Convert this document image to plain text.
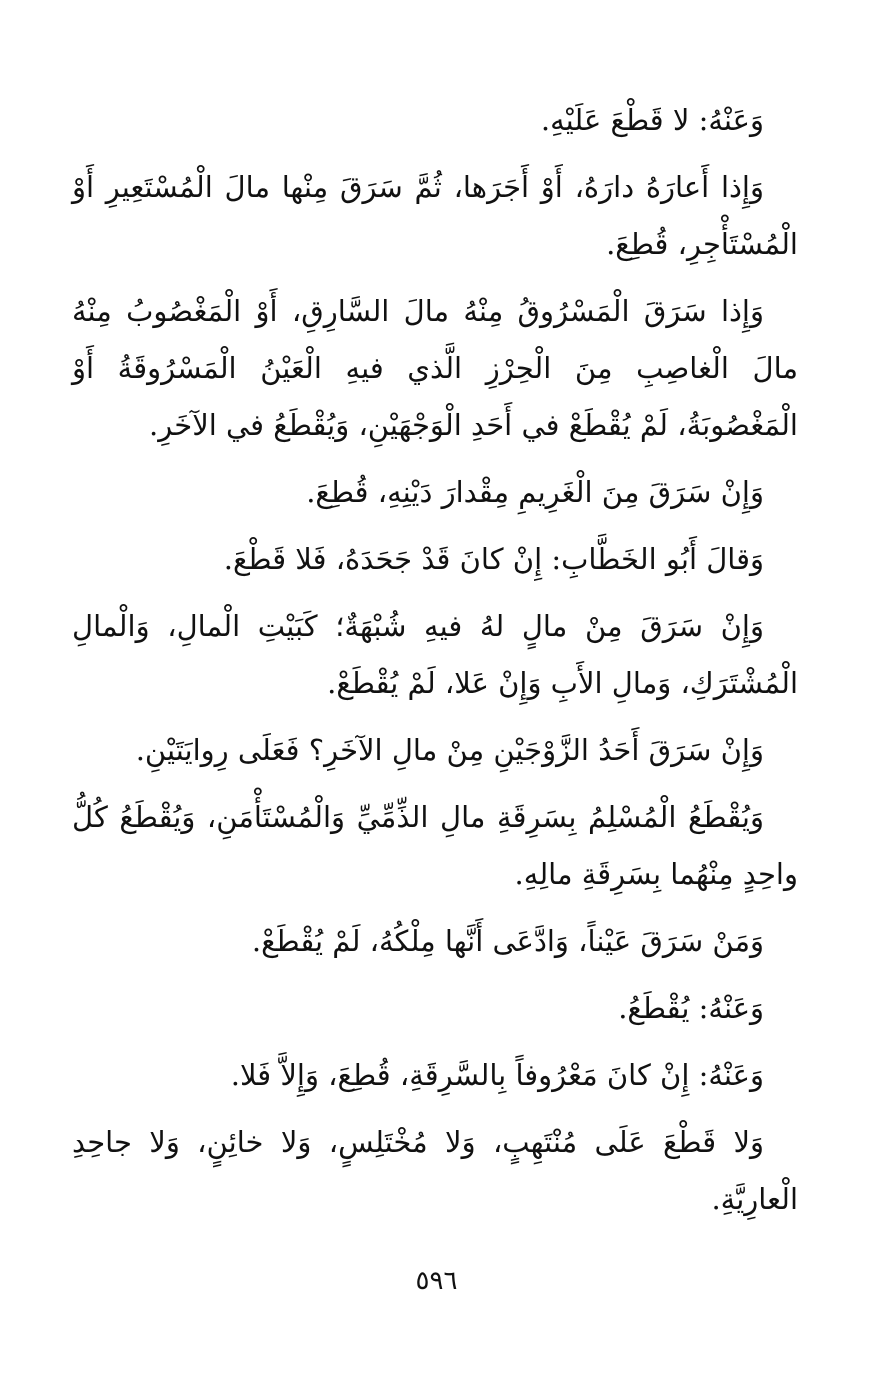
وَعَنْهُ: لا قَطْعَ عَلَيْهِ.

وَإِذا أَعارَهُ دارَهُ، أَوْ أَجَرَها، ثُمَّ سَرَقَ مِنْها مالَ الْمُسْتَعِيرِ أَوْ الْمُسْتَأْجِرِ، قُطِعَ.

وَإِذا سَرَقَ الْمَسْرُوقُ مِنْهُ مالَ السَّارِقِ، أَوْ الْمَغْصُوبُ مِنْهُ مالَ الْغاصِبِ مِنَ الْحِرْزِ الَّذي فيهِ الْعَيْنُ الْمَسْرُوقَةُ أَوْ الْمَغْصُوبَةُ، لَمْ يُقْطَعْ في أَحَدِ الْوَجْهَيْنِ، وَيُقْطَعُ في الآخَرِ.

وَإِنْ سَرَقَ مِنَ الْغَرِيمِ مِقْدارَ دَيْنِهِ، قُطِعَ.

وَقالَ أَبُو الخَطَّابِ: إِنْ كانَ قَدْ جَحَدَهُ، فَلا قَطْعَ.

وَإِنْ سَرَقَ مِنْ مالٍ لهُ فيهِ شُبْهَةٌ؛ كَبَيْتِ الْمالِ، وَالْمالِ الْمُشْتَرَكِ، وَمالِ الأَبِ وَإِنْ عَلا، لَمْ يُقْطَعْ.

وَإِنْ سَرَقَ أَحَدُ الزَّوْجَيْنِ مِنْ مالِ الآخَرِ؟ فَعَلَى رِوايَتَيْنِ.

وَيُقْطَعُ الْمُسْلِمُ بِسَرِقَةِ مالِ الذِّمِّيِّ وَالْمُسْتَأْمَنِ، وَيُقْطَعُ كُلُّ واحِدٍ مِنْهُما بِسَرِقَةِ مالِهِ.

وَمَنْ سَرَقَ عَيْناً، وَادَّعَى أَنَّها مِلْكُهُ، لَمْ يُقْطَعْ.

وَعَنْهُ: يُقْطَعُ.

وَعَنْهُ: إِنْ كانَ مَعْرُوفاً بِالسَّرِقَةِ، قُطِعَ، وَإِلاَّ فَلا.

وَلا قَطْعَ عَلَى مُنْتَهِبٍ، وَلا مُخْتَلِسٍ، وَلا خائِنٍ، وَلا جاحِدِ الْعارِيَّةِ.

٥٩٦
